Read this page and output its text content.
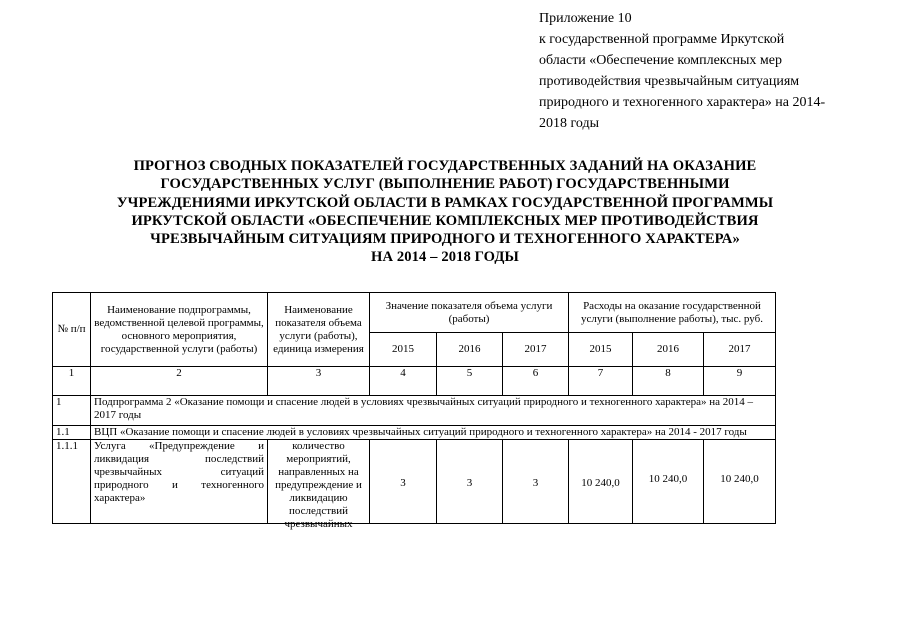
Приложение 10
к государственной программе Иркутской
области «Обеспечение комплексных мер
противодействия чрезвычайным ситуациям
природного и техногенного характера» на 2014-
2018 годы
ПРОГНОЗ СВОДНЫХ ПОКАЗАТЕЛЕЙ ГОСУДАРСТВЕННЫХ ЗАДАНИЙ НА ОКАЗАНИЕ
ГОСУДАРСТВЕННЫХ УСЛУГ (ВЫПОЛНЕНИЕ РАБОТ) ГОСУДАРСТВЕННЫМИ
УЧРЕЖДЕНИЯМИ ИРКУТСКОЙ ОБЛАСТИ В РАМКАХ ГОСУДАРСТВЕННОЙ ПРОГРАММЫ
ИРКУТСКОЙ ОБЛАСТИ «ОБЕСПЕЧЕНИЕ КОМПЛЕКСНЫХ МЕР ПРОТИВОДЕЙСТВИЯ
ЧРЕЗВЫЧАЙНЫМ СИТУАЦИЯМ ПРИРОДНОГО И ТЕХНОГЕННОГО ХАРАКТЕРА»
НА 2014 – 2018 ГОДЫ
№ п/п	Наименование подпрограммы, ведомственной целевой программы, основного мероприятия, государственной услуги (работы)	Наименование показателя объема услуги (работы), единица измерения	Значение показателя объема услуги (работы)			Расходы на оказание государственной услуги (выполнение работы), тыс. руб.		
			2015	2016	2017	2015	2016	2017
1	2	3	4	5	6	7	8	9
1	Подпрограмма 2 «Оказание помощи и спасение людей в условиях чрезвычайных ситуаций природного и техногенного характера» на 2014 – 2017 годы							
1.1	ВЦП «Оказание помощи и спасение людей в условиях чрезвычайных ситуаций природного и техногенного характера» на 2014 - 2017 годы							
1.1.1	Услуга «Предупреждение и ликвидация последствий чрезвычайных ситуаций природного и техногенного характера»	количество мероприятий, направленных на предупреждение и ликвидацию последствий чрезвычайных	3	3	3	10 240,0	10 240,0	10 240,0
